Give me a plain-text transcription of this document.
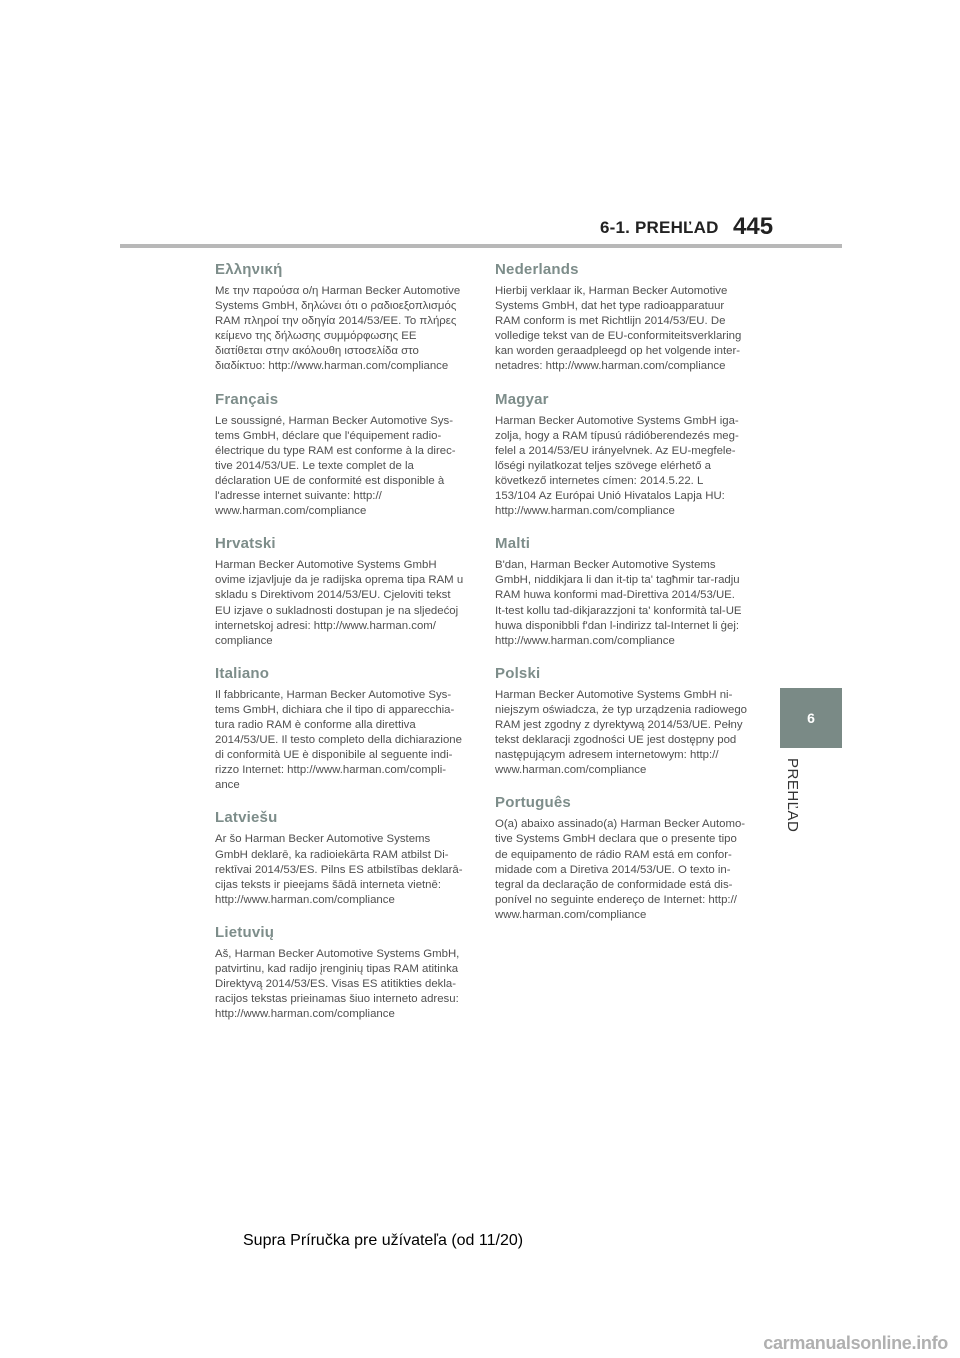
6-1. PREHĽAD 445
6
PREHĽAD
Ελληνική

Με την παρούσα ο/η Harman Becker Automotive
Systems GmbH, δηλώνει ότι ο ραδιοεξοπλισμός
RAM πληροί την οδηγία 2014/53/ΕΕ. Το πλήρες
κείμενο της δήλωσης συμμόρφωσης ΕΕ
διατίθεται στην ακόλουθη ιστοσελίδα στο
διαδίκτυο: http://www.harman.com/compliance

Français

Le soussigné, Harman Becker Automotive Sys-
tems GmbH, déclare que l'équipement radio-
électrique du type RAM est conforme à la direc-
tive 2014/53/UE. Le texte complet de la
déclaration UE de conformité est disponible à
l'adresse internet suivante: http://
www.harman.com/compliance

Hrvatski

Harman Becker Automotive Systems GmbH
ovime izjavljuje da je radijska oprema tipa RAM u
skladu s Direktivom 2014/53/EU. Cjeloviti tekst
EU izjave o sukladnosti dostupan je na sljedećoj
internetskoj adresi: http://www.harman.com/
compliance

Italiano

Il fabbricante, Harman Becker Automotive Sys-
tems GmbH, dichiara che il tipo di apparecchia-
tura radio RAM è conforme alla direttiva
2014/53/UE. Il testo completo della dichiarazione
di conformità UE è disponibile al seguente indi-
rizzo Internet: http://www.harman.com/compli-
ance

Latviešu

Ar šo Harman Becker Automotive Systems
GmbH deklarē, ka radioiekārta RAM atbilst Di-
rektīvai 2014/53/ES. Pilns ES atbilstības deklarā-
cijas teksts ir pieejams šādā interneta vietnē:
http://www.harman.com/compliance

Lietuvių

Aš, Harman Becker Automotive Systems GmbH,
patvirtinu, kad radijo įrenginių tipas RAM atitinka
Direktyvą 2014/53/ES. Visas ES atitikties dekla-
racijos tekstas prieinamas šiuo interneto adresu:
http://www.harman.com/compliance

Nederlands

Hierbij verklaar ik, Harman Becker Automotive
Systems GmbH, dat het type radioapparatuur
RAM conform is met Richtlijn 2014/53/EU. De
volledige tekst van de EU-conformiteitsverklaring
kan worden geraadpleegd op het volgende inter-
netadres: http://www.harman.com/compliance

Magyar

Harman Becker Automotive Systems GmbH iga-
zolja, hogy a RAM típusú rádióberendezés meg-
felel a 2014/53/EU irányelvnek. Az EU-megfele-
lőségi nyilatkozat teljes szövege elérhető a
következő internetes címen: 2014.5.22. L
153/104 Az Európai Unió Hivatalos Lapja HU:
http://www.harman.com/compliance

Malti

B'dan, Harman Becker Automotive Systems
GmbH, niddikjara li dan it-tip ta' tagħmir tar-radju
RAM huwa konformi mad-Direttiva 2014/53/UE.
It-test kollu tad-dikjarazzjoni ta' konformità tal-UE
huwa disponibbli f'dan l-indirizz tal-Internet li ġej:
http://www.harman.com/compliance

Polski

Harman Becker Automotive Systems GmbH ni-
niejszym oświadcza, że typ urządzenia radiowego
RAM jest zgodny z dyrektywą 2014/53/UE. Pełny
tekst deklaracji zgodności UE jest dostępny pod
następującym adresem internetowym: http://
www.harman.com/compliance

Português

O(a) abaixo assinado(a) Harman Becker Automo-
tive Systems GmbH declara que o presente tipo
de equipamento de rádio RAM está em confor-
midade com a Diretiva 2014/53/UE. O texto in-
tegral da declaração de conformidade está dis-
ponível no seguinte endereço de Internet: http://
www.harman.com/compliance

Supra Príručka pre užívateľa (od 11/20)
carmanualsonline.info
